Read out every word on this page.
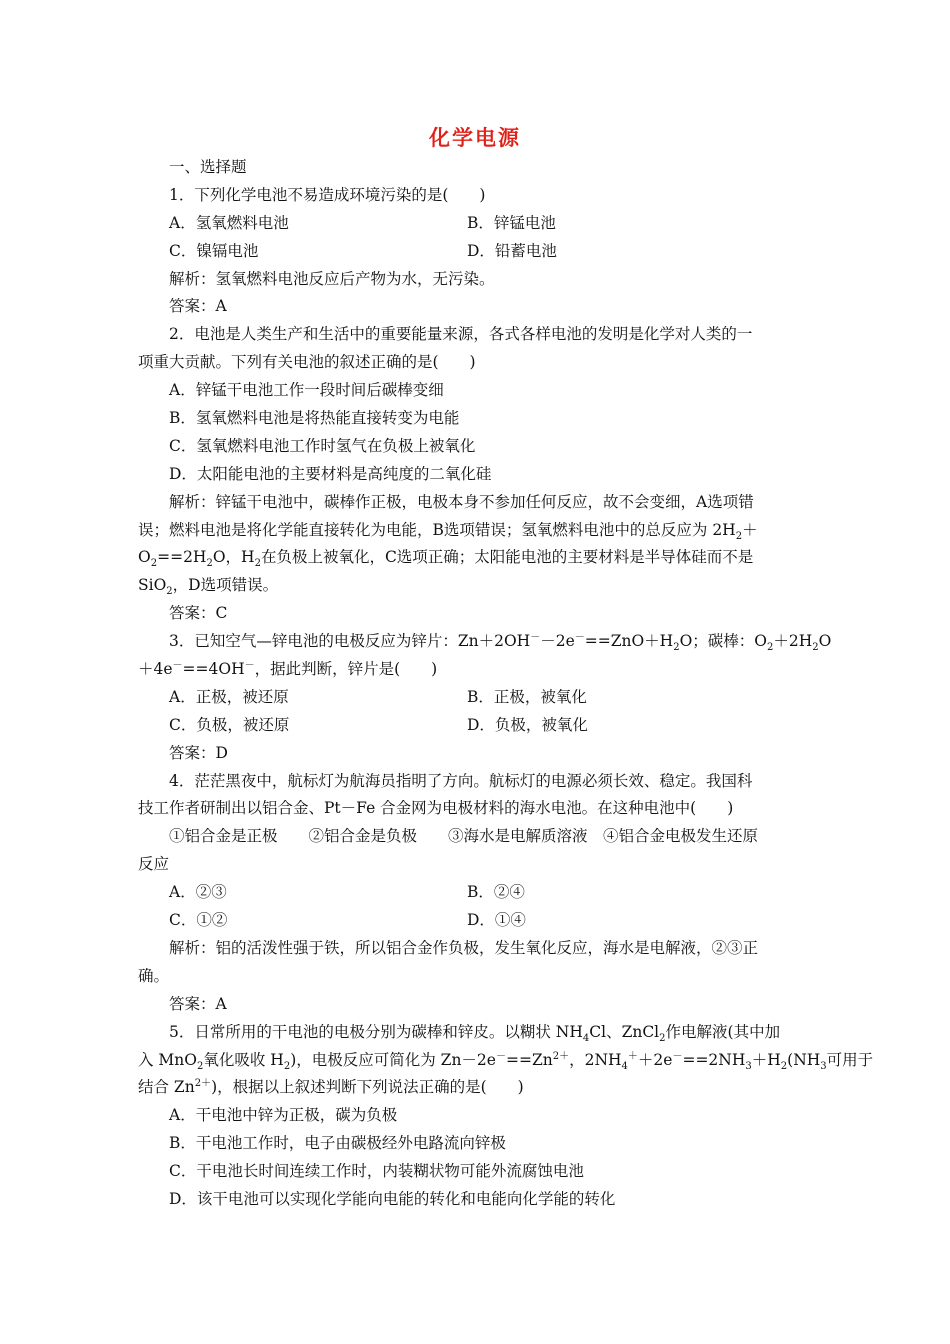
化学电源
一、选择题
1．下列化学电池不易造成环境污染的是(　　)
A．氢氧燃料电池	B．锌锰电池
C．镍镉电池	D．铅蓄电池
解析：氢氧燃料电池反应后产物为水，无污染。
答案：A
2．电池是人类生产和生活中的重要能量来源，各式各样电池的发明是化学对人类的一
项重大贡献。下列有关电池的叙述正确的是(　　)
A．锌锰干电池工作一段时间后碳棒变细
B．氢氧燃料电池是将热能直接转变为电能
C．氢氧燃料电池工作时氢气在负极上被氧化
D．太阳能电池的主要材料是高纯度的二氧化硅
解析：锌锰干电池中，碳棒作正极，电极本身不参加任何反应，故不会变细，A选项错
误；燃料电池是将化学能直接转化为电能，B选项错误；氢氧燃料电池中的总反应为 $2H_2+$
$O_2==2H_2O$，$H_2$在负极上被氧化，C选项正确；太阳能电池的主要材料是半导体硅而不是
SiO$_2$，D选项错误。
答案：C
3．已知空气—锌电池的电极反应为锌片：$Zn+2OH^--2e^-==ZnO+H_2O$；碳棒：$O_2+2H_2O$
＋4e－==4OH－，据此判断，锌片是(　　)
A．正极，被还原	B．正极，被氧化
C．负极，被还原	D．负极，被氧化
答案：D
4．茫茫黑夜中，航标灯为航海员指明了方向。航标灯的电源必须长效、稳定。我国科
技工作者研制出以铝合金、Pt－Fe 合金网为电极材料的海水电池。在这种电池中(　　)
①铝合金是正极　　②铝合金是负极　　③海水是电解质溶液　④铝合金电极发生还原
反应
A．②③	B．②④
C．①②	D．①④
解析：铝的活泼性强于铁，所以铝合金作负极，发生氧化反应，海水是电解液，②③正
确。
答案：A
5．日常所用的干电池的电极分别为碳棒和锌皮。以糊状 $NH_4Cl$、ZnCl$_2$作电解液(其中加
入 MnO$_2$氧化吸收 $H_2$)，电极反应可简化为 $Zn-2e^-==Zn^{2+}$，$2NH_4^++2e^-==2NH_3+H_2(NH_3$可用于
结合 $Zn^{2+}$)，根据以上叙述判断下列说法正确的是(　　)
A．干电池中锌为正极，碳为负极
B．干电池工作时，电子由碳极经外电路流向锌极
C．干电池长时间连续工作时，内装糊状物可能外流腐蚀电池
D．该干电池可以实现化学能向电能的转化和电能向化学能的转化
